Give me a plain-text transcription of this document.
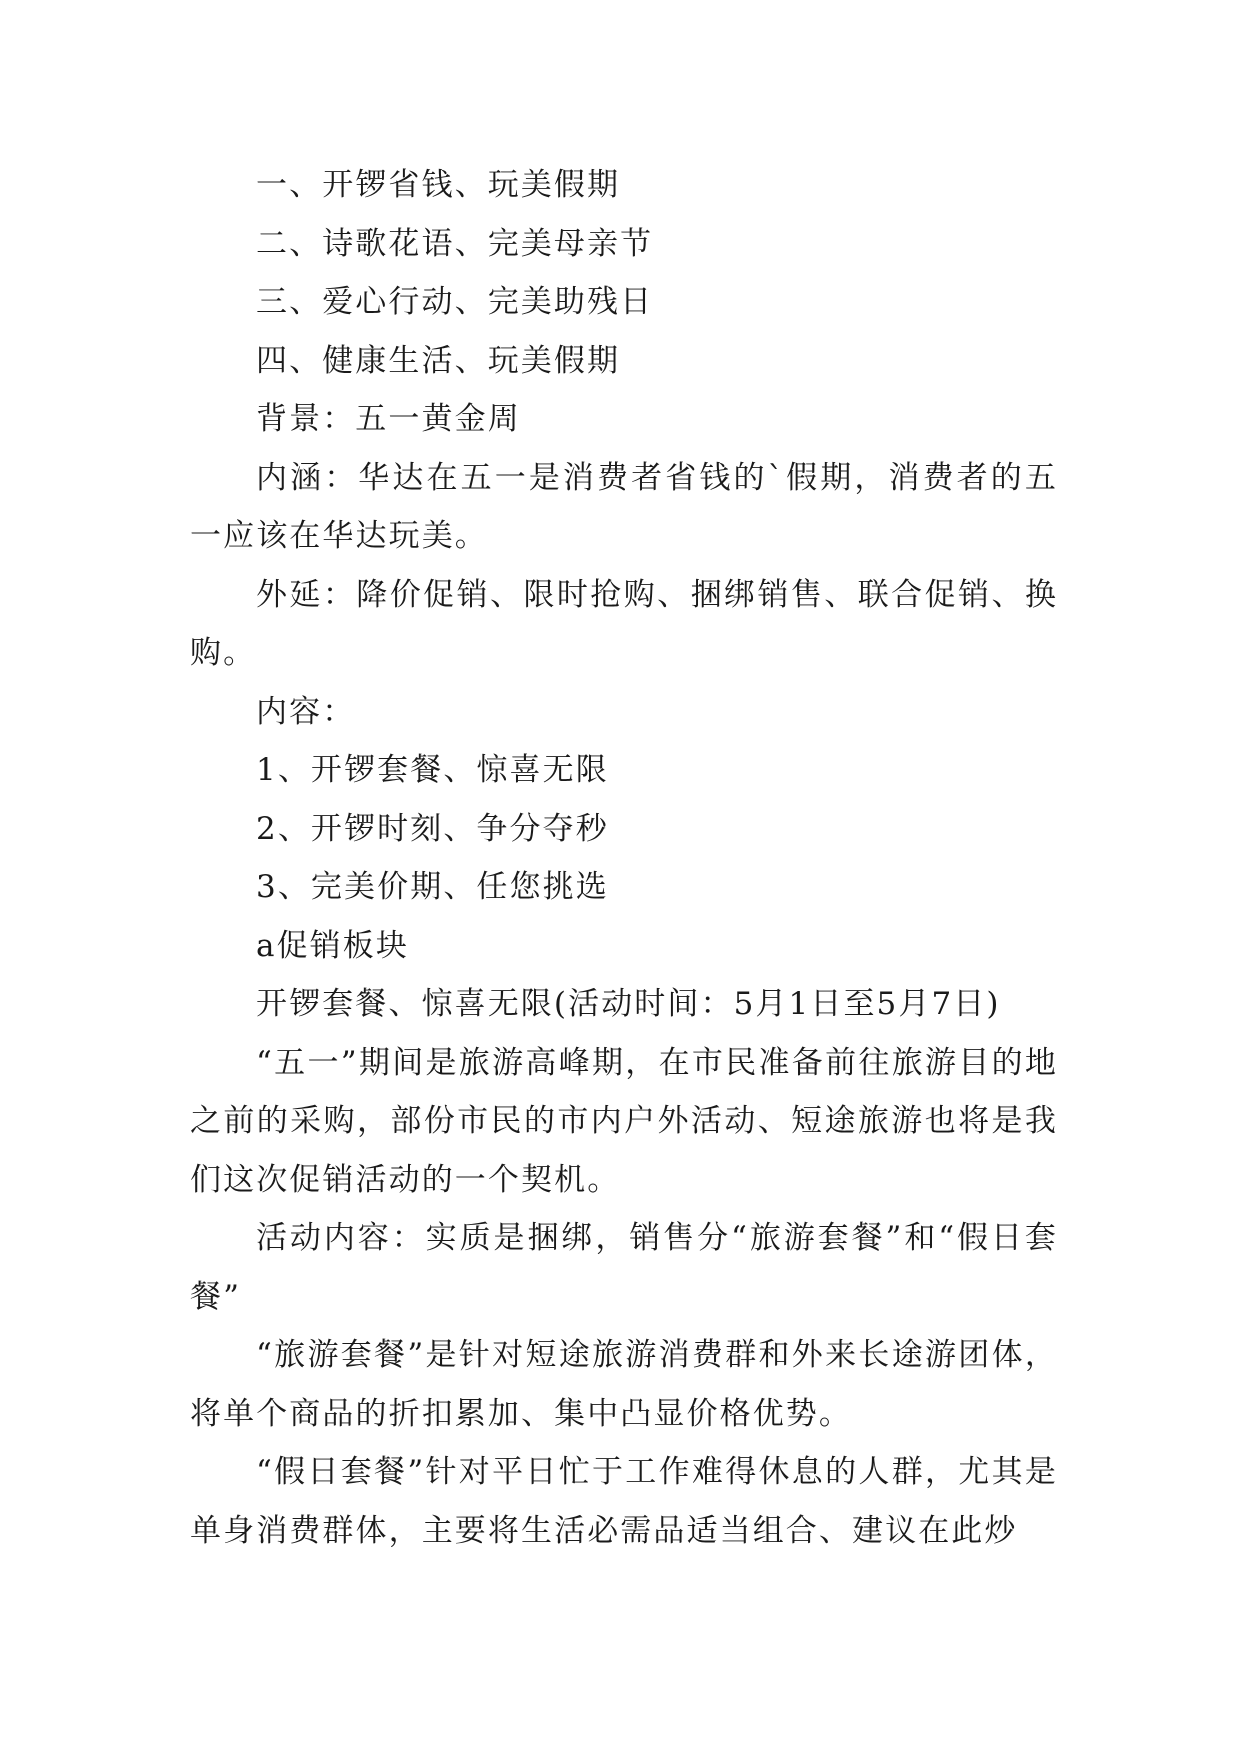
一、开锣省钱、玩美假期

二、诗歌花语、完美母亲节

三、爱心行动、完美助残日

四、健康生活、玩美假期

背景：五一黄金周

内涵：华达在五一是消费者省钱的`假期，消费者的五一应该在华达玩美。

外延：降价促销、限时抢购、捆绑销售、联合促销、换购。

内容：

1、开锣套餐、惊喜无限

2、开锣时刻、争分夺秒

3、完美价期、任您挑选

a促销板块

开锣套餐、惊喜无限(活动时间：5月1日至5月7日)

“五一”期间是旅游高峰期，在市民准备前往旅游目的地之前的采购，部份市民的市内户外活动、短途旅游也将是我们这次促销活动的一个契机。

活动内容：实质是捆绑，销售分“旅游套餐”和“假日套餐”

“旅游套餐”是针对短途旅游消费群和外来长途游团体，将单个商品的折扣累加、集中凸显价格优势。

“假日套餐”针对平日忙于工作难得休息的人群，尤其是单身消费群体，主要将生活必需品适当组合、建议在此炒
